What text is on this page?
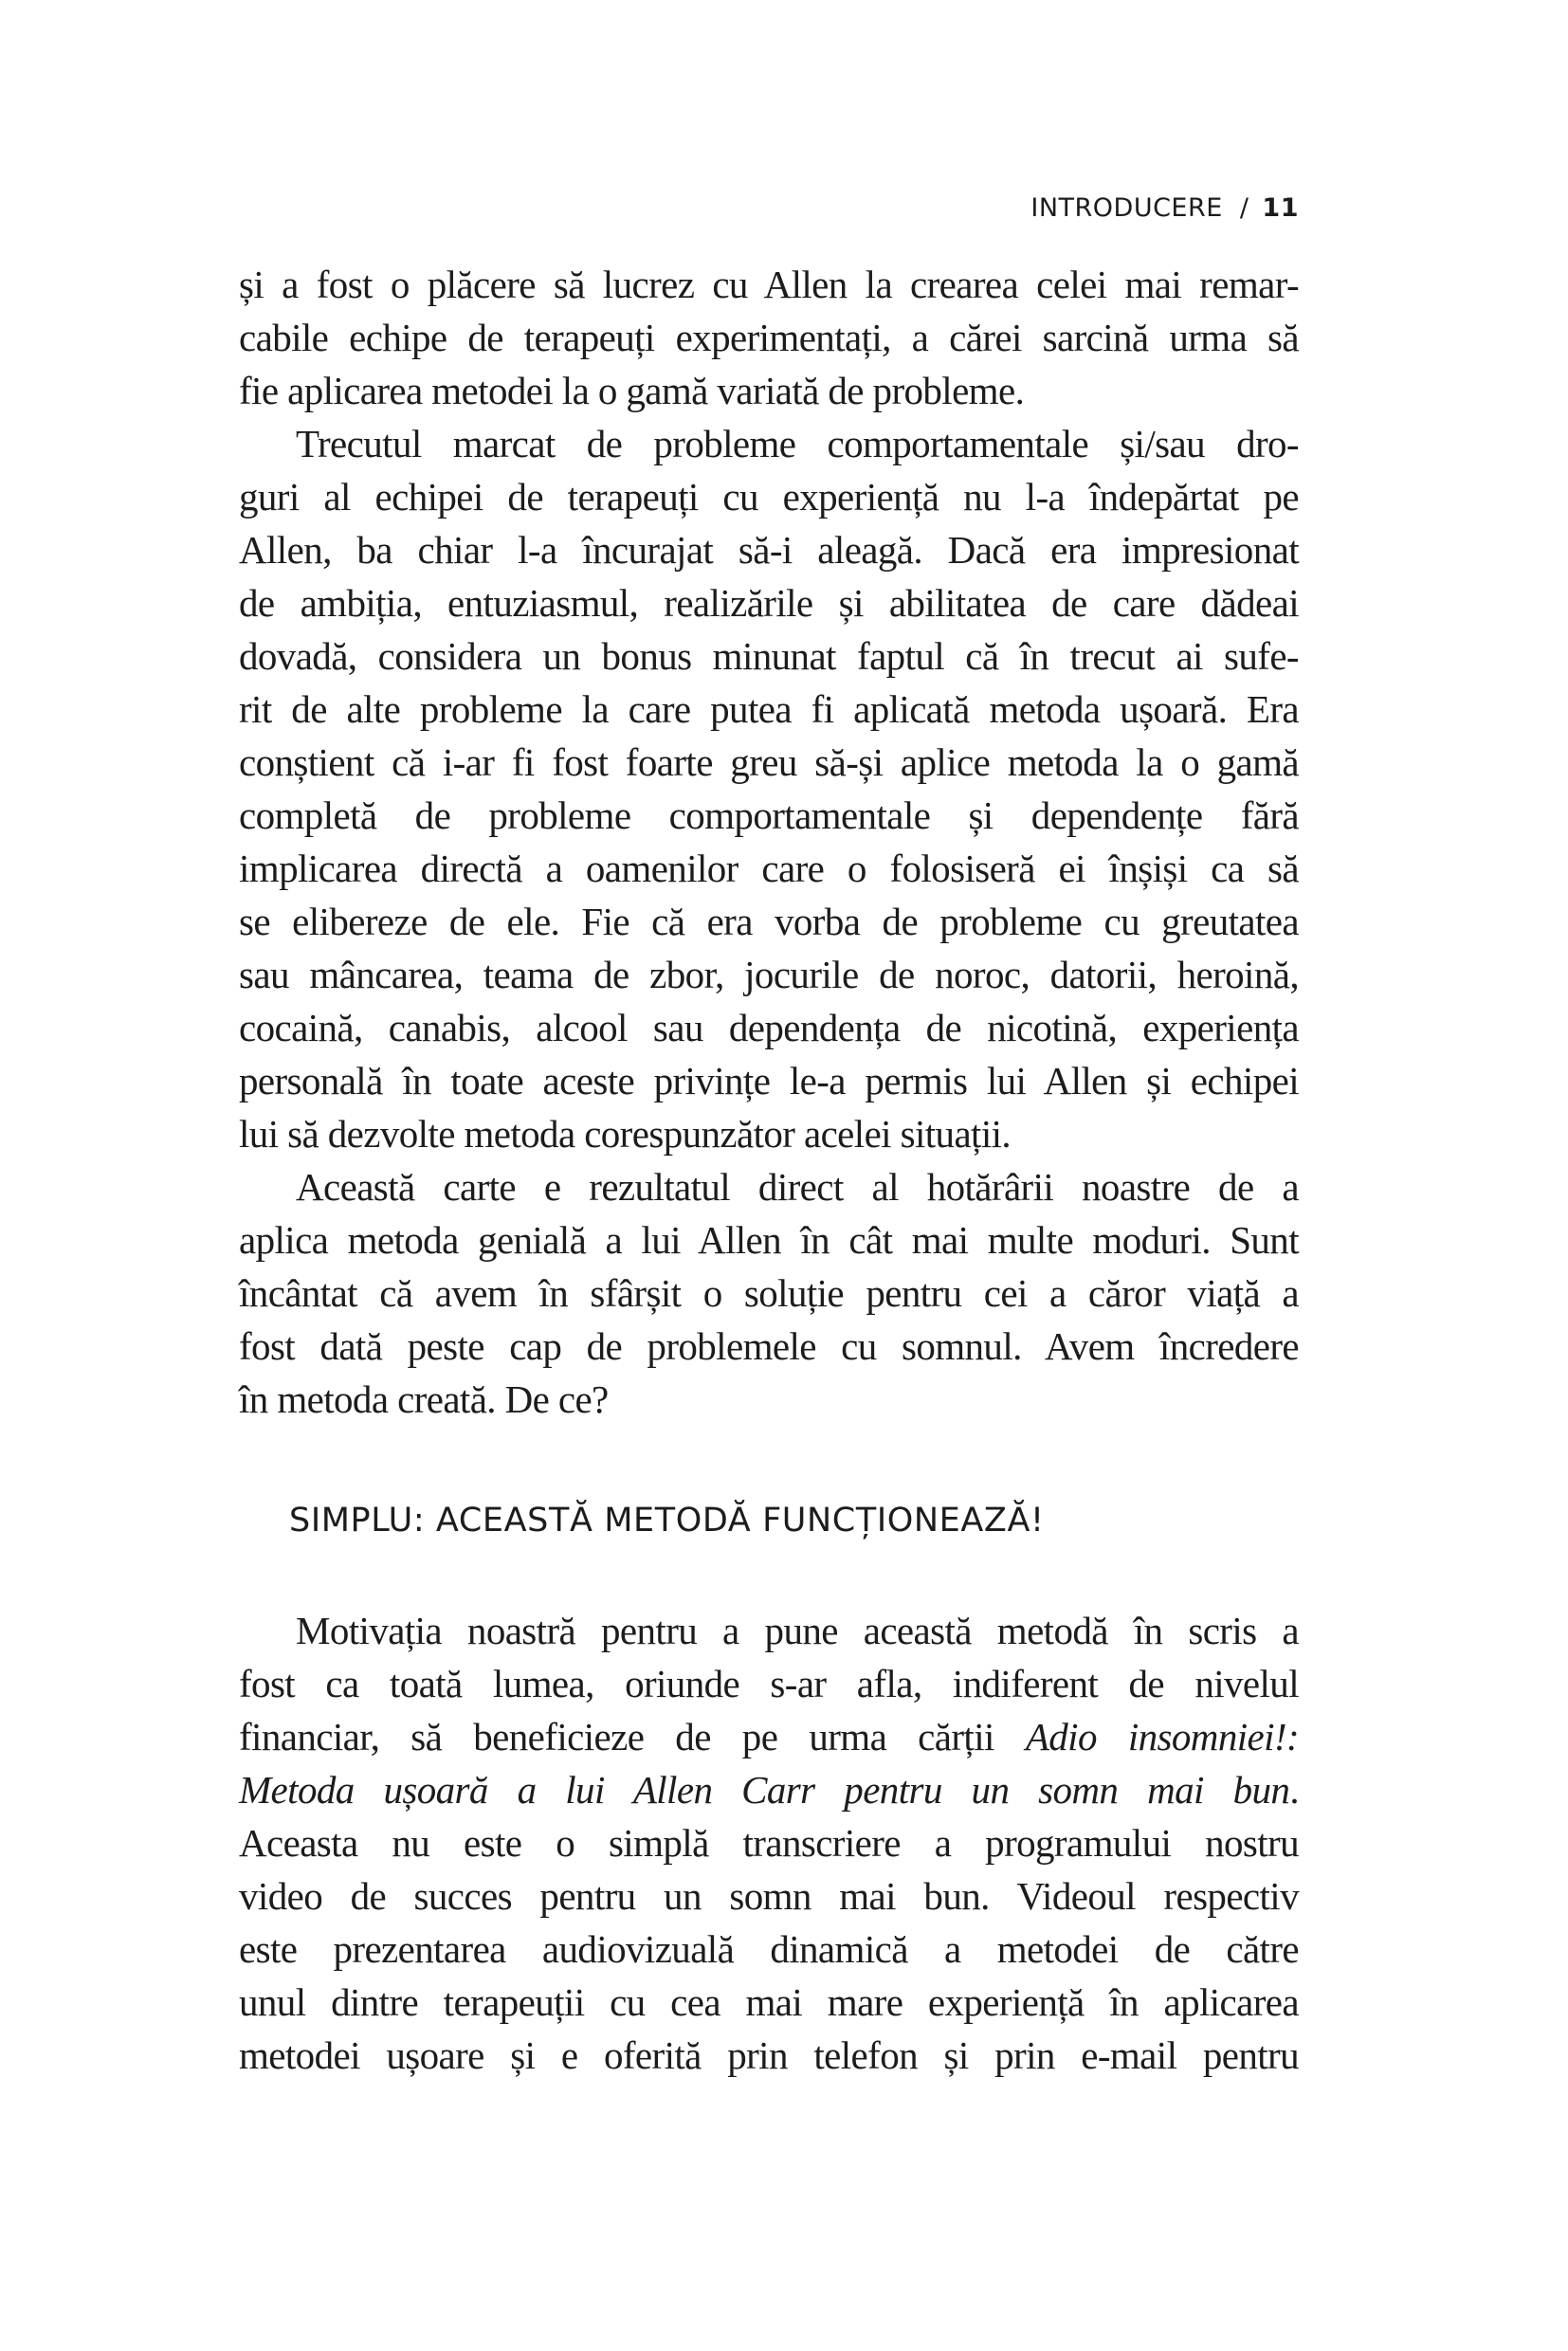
INTRODUCERE / 11
și a fost o plăcere să lucrez cu Allen la crearea celei mai remar-
cabile echipe de terapeuți experimentați, a cărei sarcină urma să
fie aplicarea metodei la o gamă variată de probleme.
Trecutul marcat de probleme comportamentale și/sau dro-
guri al echipei de terapeuți cu experiență nu l-a îndepărtat pe
Allen, ba chiar l-a încurajat să-i aleagă. Dacă era impresionat
de ambiția, entuziasmul, realizările și abilitatea de care dădeai
dovadă, considera un bonus minunat faptul că în trecut ai sufe-
rit de alte probleme la care putea fi aplicată metoda ușoară. Era
conștient că i-ar fi fost foarte greu să-și aplice metoda la o gamă
completă de probleme comportamentale și dependențe fără
implicarea directă a oamenilor care o folosiseră ei înșiși ca să
se elibereze de ele. Fie că era vorba de probleme cu greutatea
sau mâncarea, teama de zbor, jocurile de noroc, datorii, heroină,
cocaină, canabis, alcool sau dependența de nicotină, experiența
personală în toate aceste privințe le-a permis lui Allen și echipei
lui să dezvolte metoda corespunzător acelei situații.
Această carte e rezultatul direct al hotărârii noastre de a
aplica metoda genială a lui Allen în cât mai multe moduri. Sunt
încântat că avem în sfârșit o soluție pentru cei a căror viață a
fost dată peste cap de problemele cu somnul. Avem încredere
în metoda creată. De ce?
SIMPLU: ACEASTĂ METODĂ FUNCȚIONEAZĂ!
Motivația noastră pentru a pune această metodă în scris a
fost ca toată lumea, oriunde s-ar afla, indiferent de nivelul
financiar, să beneficieze de pe urma cărții Adio insomniei!:
Metoda ușoară a lui Allen Carr pentru un somn mai bun.
Aceasta nu este o simplă transcriere a programului nostru
video de succes pentru un somn mai bun. Videoul respectiv
este prezentarea audiovizuală dinamică a metodei de către
unul dintre terapeuții cu cea mai mare experiență în aplicarea
metodei ușoare și e oferită prin telefon și prin e-mail pentru
